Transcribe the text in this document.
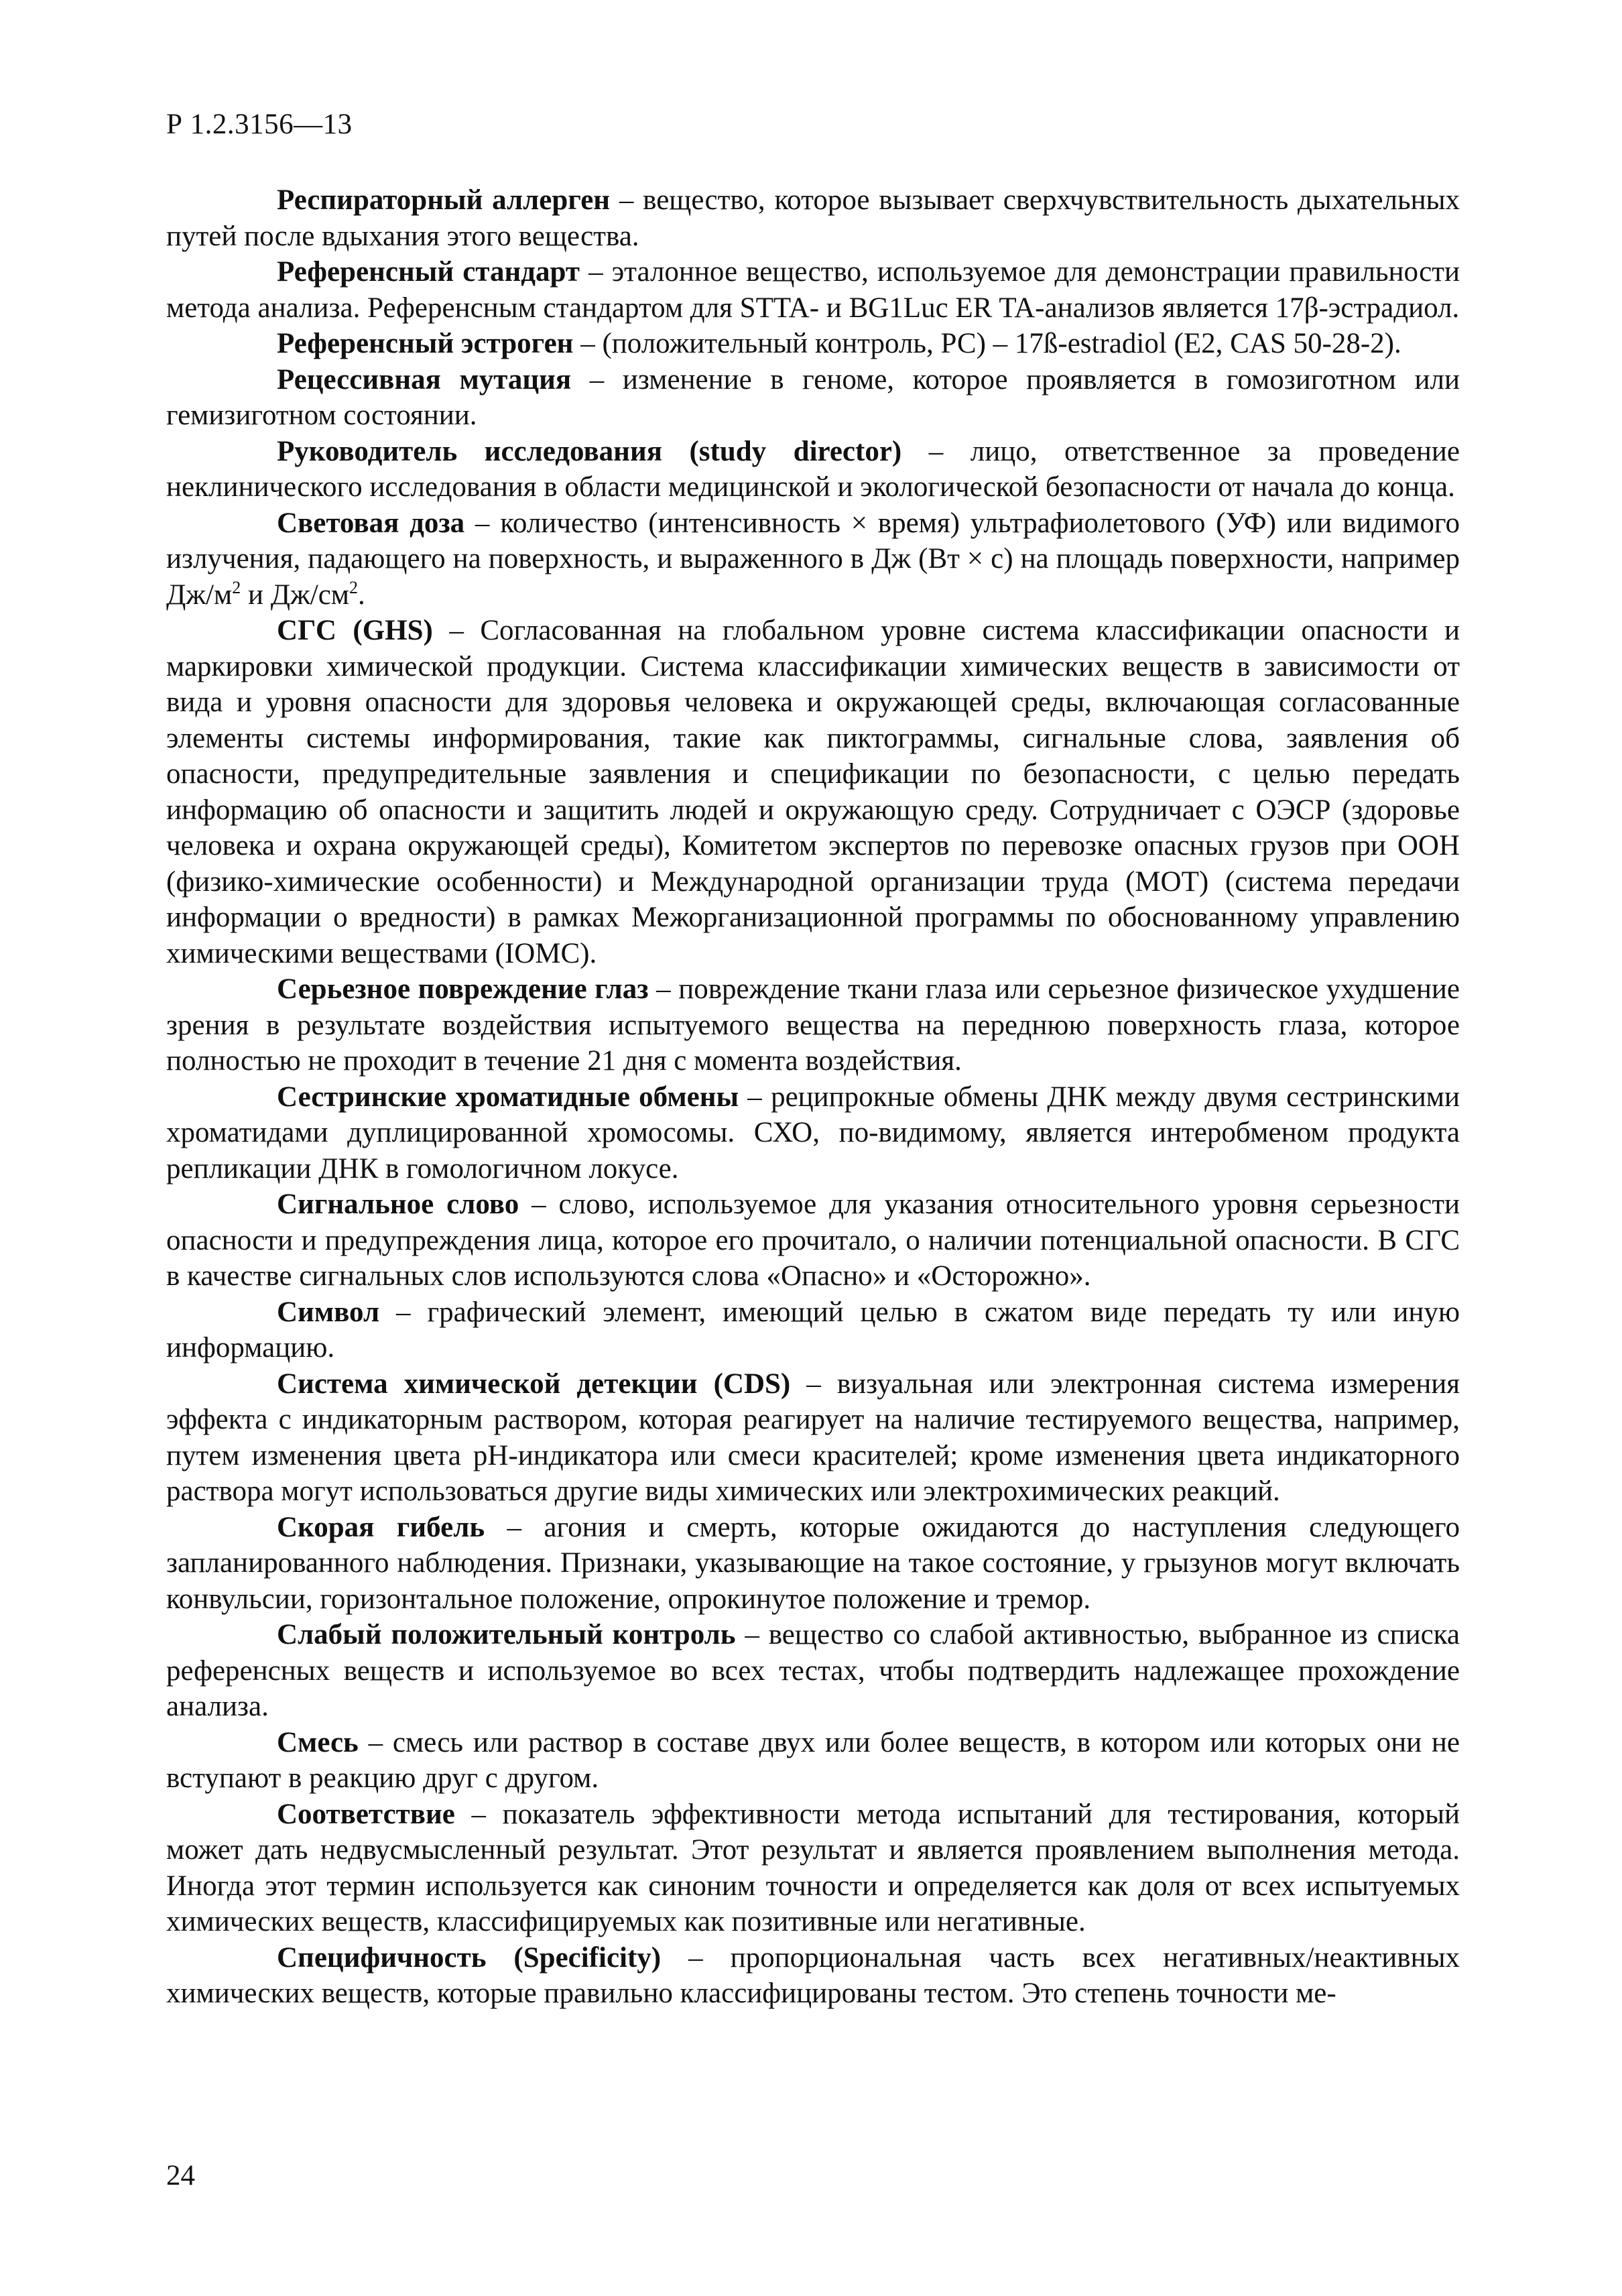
Р 1.2.3156—13

Респираторный аллерген – вещество, которое вызывает сверхчувствительность дыхательных путей после вдыхания этого вещества.

Референсный стандарт – эталонное вещество, используемое для демонстрации правильности метода анализа. Референсным стандартом для STTA- и BG1Luc ER TA-анализов является 17β-эстрадиол.

Референсный эстроген – (положительный контроль, РС) – 17ß-estradiol (E2, CAS 50-28-2).

Рецессивная мутация – изменение в геноме, которое проявляется в гомозиготном или гемизиготном состоянии.

Руководитель исследования (study director) – лицо, ответственное за проведение неклинического исследования в области медицинской и экологической безопасности от начала до конца.

Световая доза – количество (интенсивность × время) ультрафиолетового (УФ) или видимого излучения, падающего на поверхность, и выраженного в Дж (Вт × с) на площадь поверхности, например $Дж/м^2$ и $Дж/см^2$.

СГС (GHS) – Согласованная на глобальном уровне система классификации опасности и маркировки химической продукции. Система классификации химических веществ в зависимости от вида и уровня опасности для здоровья человека и окружающей среды, включающая согласованные элементы системы информирования, такие как пиктограммы, сигнальные слова, заявления об опасности, предупредительные заявления и спецификации по безопасности, с целью передать информацию об опасности и защитить людей и окружающую среду. Сотрудничает с ОЭСР (здоровье человека и охрана окружающей среды), Комитетом экспертов по перевозке опасных грузов при ООН (физико-химические особенности) и Международной организации труда (МОТ) (система передачи информации о вредности) в рамках Межорганизационной программы по обоснованному управлению химическими веществами (IOMC).

Серьезное повреждение глаз – повреждение ткани глаза или серьезное физическое ухудшение зрения в результате воздействия испытуемого вещества на переднюю поверхность глаза, которое полностью не проходит в течение 21 дня с момента воздействия.

Сестринские хроматидные обмены – реципрокные обмены ДНК между двумя сестринскими хроматидами дуплицированной хромосомы. СХО, по-видимому, является интеробменом продукта репликации ДНК в гомологичном локусе.

Сигнальное слово – слово, используемое для указания относительного уровня серьезности опасности и предупреждения лица, которое его прочитало, о наличии потенциальной опасности. В СГС в качестве сигнальных слов используются слова «Опасно» и «Осторожно».

Символ – графический элемент, имеющий целью в сжатом виде передать ту или иную информацию.

Система химической детекции (CDS) – визуальная или электронная система измерения эффекта с индикаторным раствором, которая реагирует на наличие тестируемого вещества, например, путем изменения цвета pH-индикатора или смеси красителей; кроме изменения цвета индикаторного раствора могут использоваться другие виды химических или электрохимических реакций.

Скорая гибель – агония и смерть, которые ожидаются до наступления следующего запланированного наблюдения. Признаки, указывающие на такое состояние, у грызунов могут включать конвульсии, горизонтальное положение, опрокинутое положение и тремор.

Слабый положительный контроль – вещество со слабой активностью, выбранное из списка референсных веществ и используемое во всех тестах, чтобы подтвердить надлежащее прохождение анализа.

Смесь – смесь или раствор в составе двух или более веществ, в котором или которых они не вступают в реакцию друг с другом.

Соответствие – показатель эффективности метода испытаний для тестирования, который может дать недвусмысленный результат. Этот результат и является проявлением выполнения метода. Иногда этот термин используется как синоним точности и определяется как доля от всех испытуемых химических веществ, классифицируемых как позитивные или негативные.

Специфичность (Specificity) – пропорциональная часть всех негативных/неактивных химических веществ, которые правильно классифицированы тестом. Это степень точности ме-

24
